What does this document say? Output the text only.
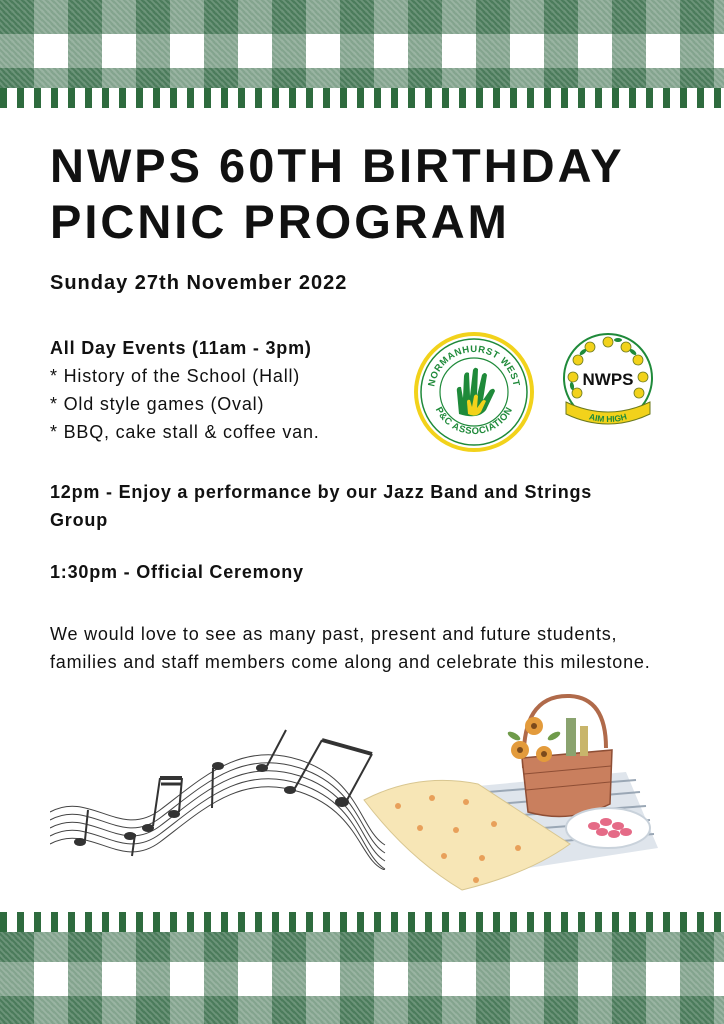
NWPS 60TH BIRTHDAY PICNIC PROGRAM
Sunday 27th November 2022
All Day Events (11am - 3pm)
* History of the School (Hall)
* Old style games (Oval)
* BBQ, cake stall & coffee van.
NORMANHURST WEST
P&C ASSOCIATION
NWPS
AIM HIGH
12pm - Enjoy a performance by our Jazz Band and Strings Group
1:30pm - Official Ceremony
We would love to see as many past, present and future students, families and staff members come along and celebrate this milestone.
